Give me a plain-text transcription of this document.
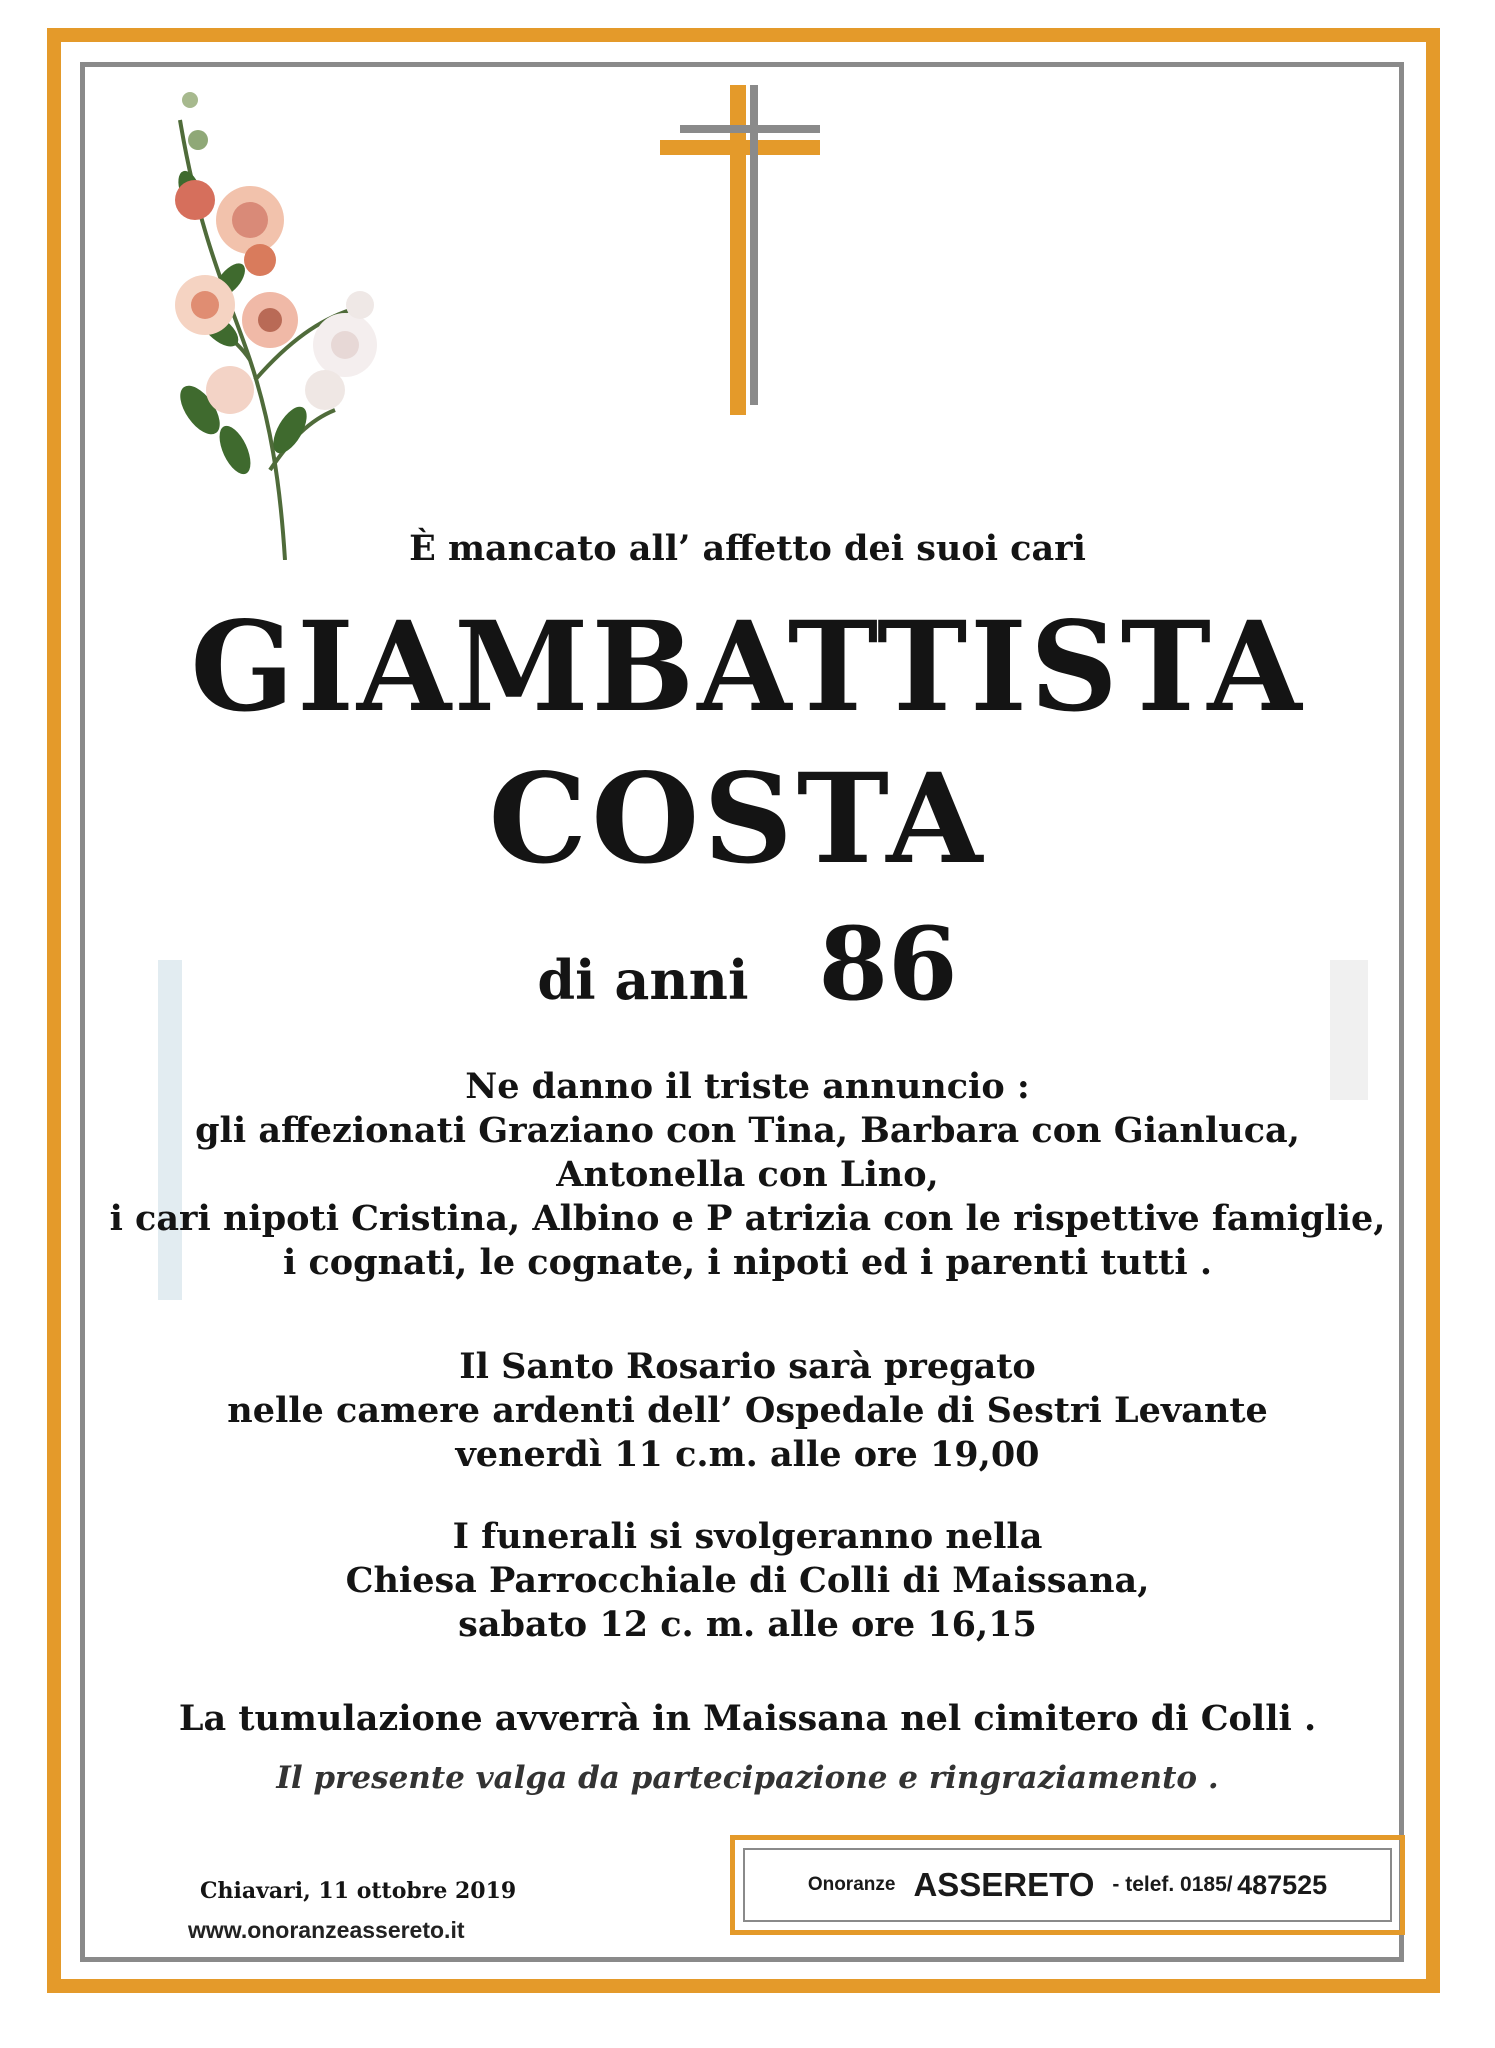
È mancato all’ affetto dei suoi cari
GIAMBATTISTA
COSTA
di anni 86
Ne danno il triste annuncio :
gli affezionati Graziano con Tina, Barbara con Gianluca,
Antonella con Lino,
i cari nipoti Cristina, Albino e P atrizia con le rispettive famiglie,
i cognati, le cognate, i nipoti ed i parenti tutti .
Il Santo Rosario sarà pregato
nelle camere ardenti dell’ Ospedale di Sestri Levante
venerdì 11 c.m. alle ore 19,00
I funerali si svolgeranno nella
Chiesa Parrocchiale di Colli di Maissana,
sabato 12 c. m. alle ore 16,15
La tumulazione avverrà in Maissana nel cimitero di Colli .
Il presente valga da partecipazione e ringraziamento .
Chiavari, 11 ottobre 2019
www.onoranzeassereto.it
Onoranze ASSERETO - telef. 0185/
487525
